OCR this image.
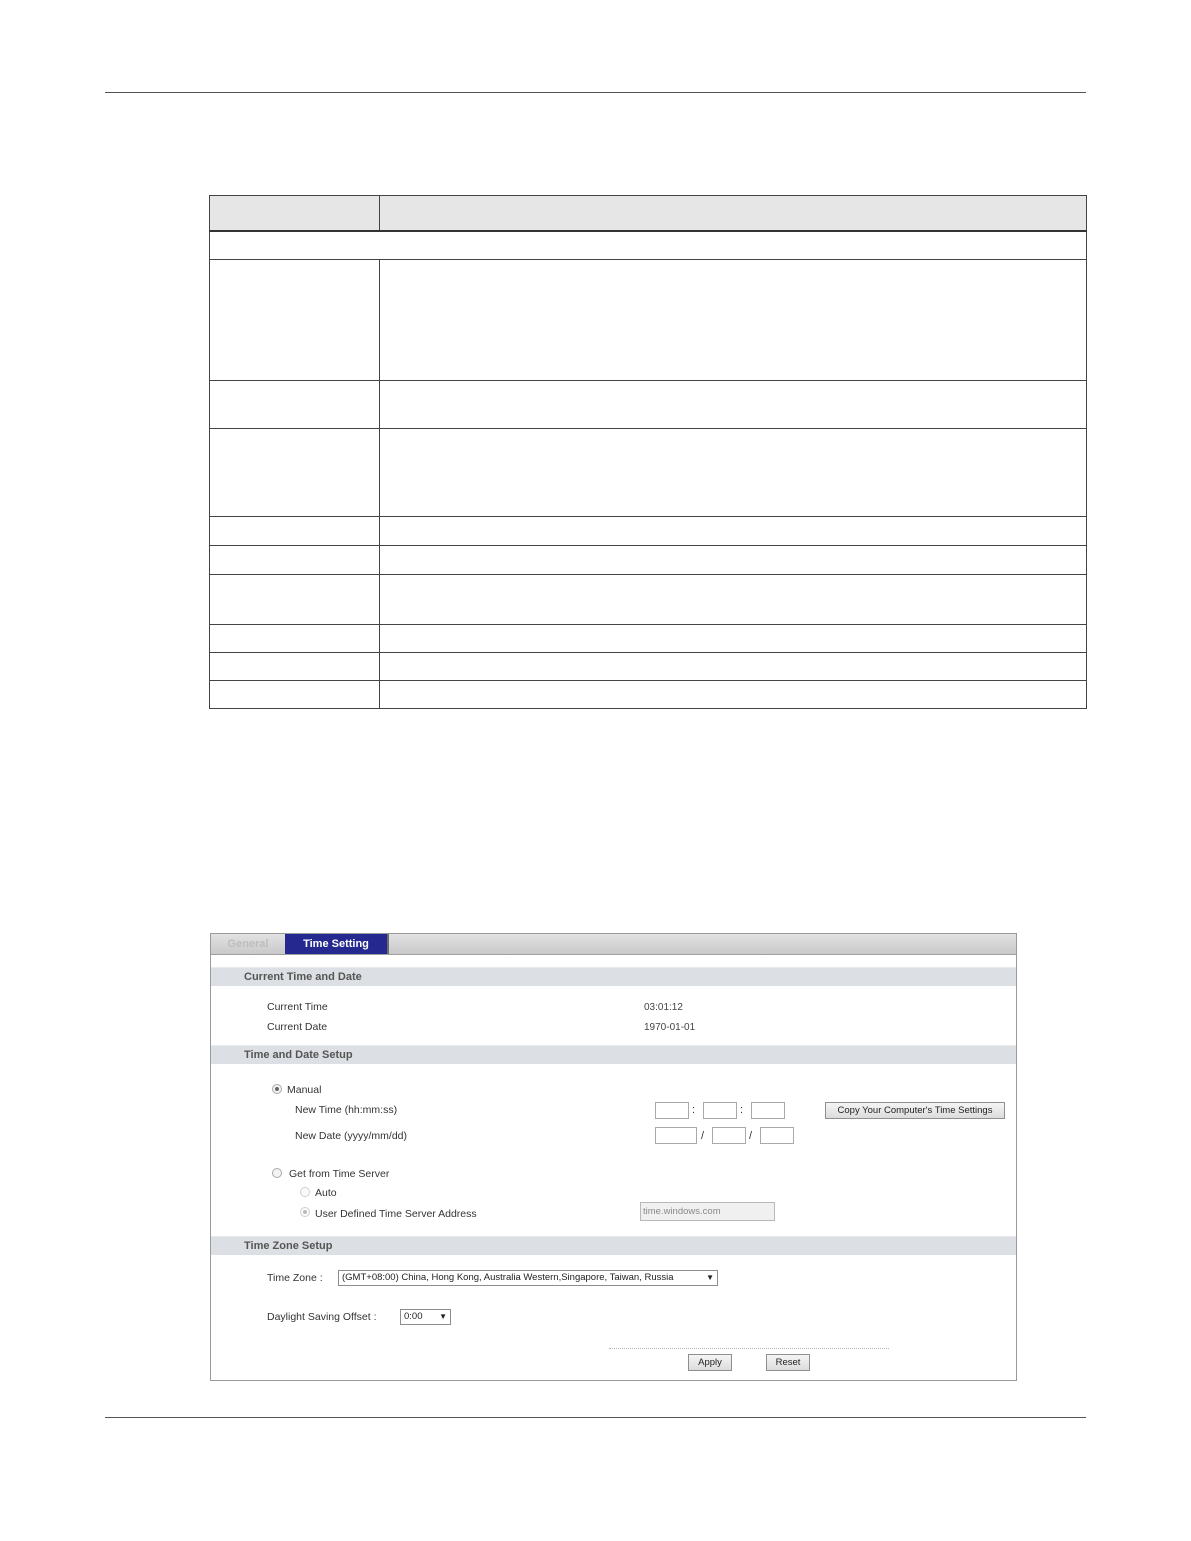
General	Time Setting
Current Time and Date
Current Time	03:01:12
Current Date	1970-01-01
Time and Date Setup
Manual
New Time (hh:mm:ss)	:	:	Copy Your Computer's Time Settings
New Date (yyyy/mm/dd)	/	/
Get from Time Server
Auto
User Defined Time Server Address	time.windows.com
Time Zone Setup
Time Zone :	(GMT+08:00) China, Hong Kong, Australia Western,Singapore, Taiwan, Russia	▼
Daylight Saving Offset :	0:00 ▼
Apply	Reset
